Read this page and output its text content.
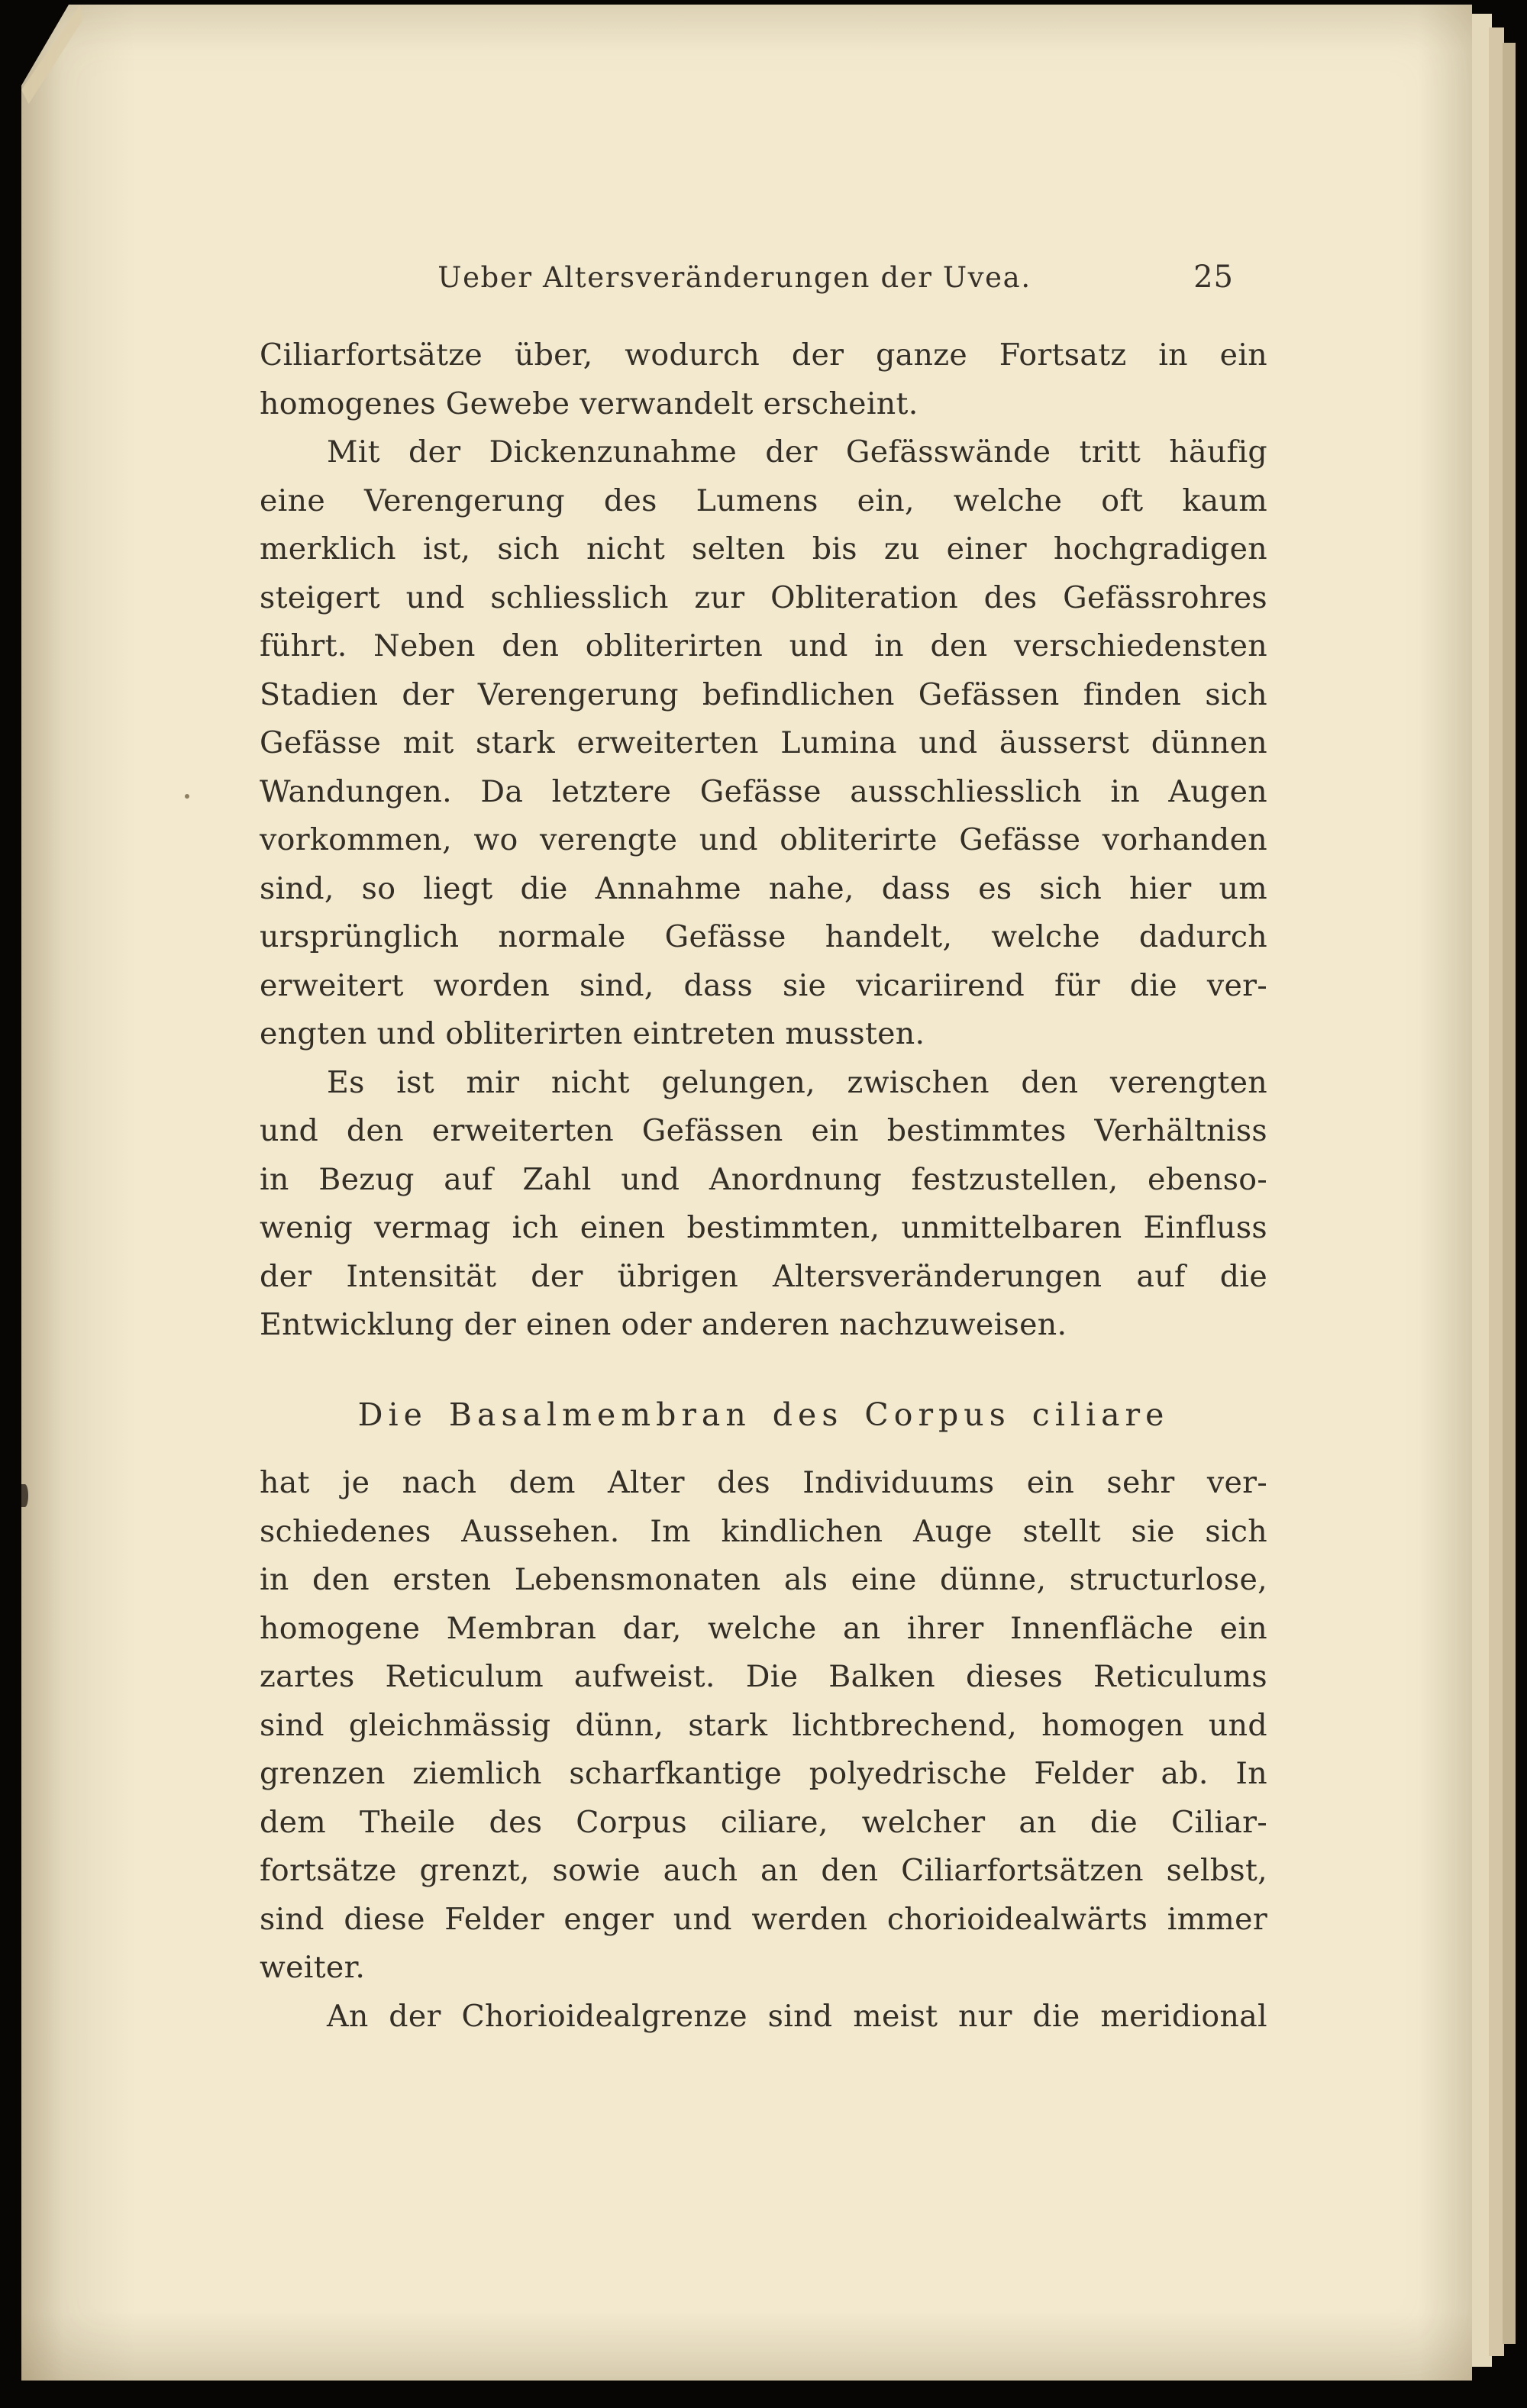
Ueber Altersveränderungen der Uvea.	25
Ciliarfortsätze über, wodurch der ganze Fortsatz in ein
homogenes Gewebe verwandelt erscheint.
Mit der Dickenzunahme der Gefässwände tritt häufig
eine Verengerung des Lumens ein, welche oft kaum
merklich ist, sich nicht selten bis zu einer hochgradigen
steigert und schliesslich zur Obliteration des Gefässrohres
führt. Neben den obliterirten und in den verschiedensten
Stadien der Verengerung befindlichen Gefässen finden sich
Gefässe mit stark erweiterten Lumina und äusserst dünnen
Wandungen. Da letztere Gefässe ausschliesslich in Augen
vorkommen, wo verengte und obliterirte Gefässe vorhanden
sind, so liegt die Annahme nahe, dass es sich hier um
ursprünglich normale Gefässe handelt, welche dadurch
erweitert worden sind, dass sie vicariirend für die ver-
engten und obliterirten eintreten mussten.
Es ist mir nicht gelungen, zwischen den verengten
und den erweiterten Gefässen ein bestimmtes Verhältniss
in Bezug auf Zahl und Anordnung festzustellen, ebenso-
wenig vermag ich einen bestimmten, unmittelbaren Einfluss
der Intensität der übrigen Altersveränderungen auf die
Entwicklung der einen oder anderen nachzuweisen.
Die Basalmembran des Corpus ciliare
hat je nach dem Alter des Individuums ein sehr ver-
schiedenes Aussehen. Im kindlichen Auge stellt sie sich
in den ersten Lebensmonaten als eine dünne, structurlose,
homogene Membran dar, welche an ihrer Innenfläche ein
zartes Reticulum aufweist. Die Balken dieses Reticulums
sind gleichmässig dünn, stark lichtbrechend, homogen und
grenzen ziemlich scharfkantige polyedrische Felder ab. In
dem Theile des Corpus ciliare, welcher an die Ciliar-
fortsätze grenzt, sowie auch an den Ciliarfortsätzen selbst,
sind diese Felder enger und werden chorioidealwärts immer
weiter.
An der Chorioidealgrenze sind meist nur die meridional
